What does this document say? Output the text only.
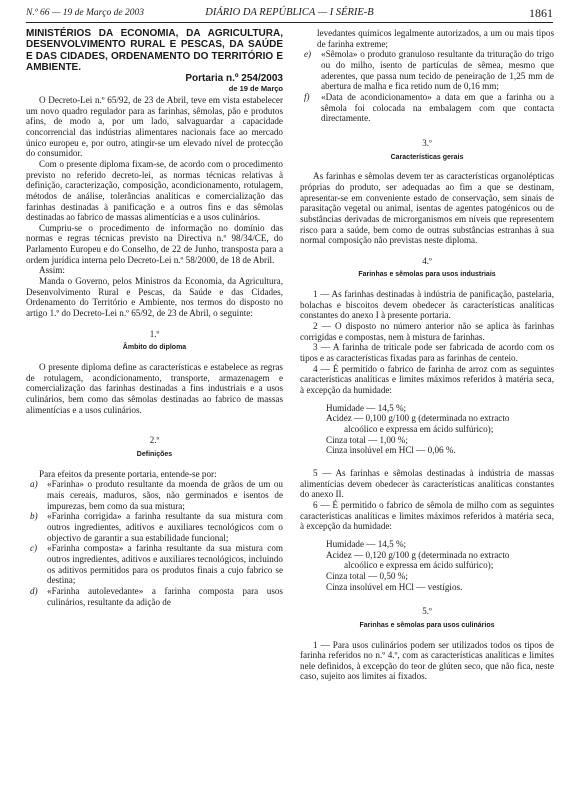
N.º 66 — 19 de Março de 2003	DIÁRIO DA REPÚBLICA — I SÉRIE-B	1861

MINISTÉRIOS DA ECONOMIA, DA AGRICULTURA, DESENVOLVIMENTO RURAL E PESCAS, DA SAÚDE E DAS CIDADES, ORDENAMENTO DO TERRITÓRIO E AMBIENTE.

Portaria n.º 254/2003

de 19 de Março

O Decreto-Lei n.º 65/92, de 23 de Abril, teve em vista estabelecer um novo quadro regulador para as farinhas, sêmolas, pão e produtos afins, de modo a, por um lado, salvaguardar a capacidade concorrencial das indústrias alimentares nacionais face ao mercado único europeu e, por outro, atingir-se um elevado nível de protecção do consumidor.

Com o presente diploma fixam-se, de acordo com o procedimento previsto no referido decreto-lei, as normas técnicas relativas à definição, caracterização, composição, acondicionamento, rotulagem, métodos de análise, tolerâncias analíticas e comercialização das farinhas destinadas à panificação e a outros fins e das sêmolas destinadas ao fabrico de massas alimentícias e a usos culinários.

Cumpriu-se o procedimento de informação no domínio das normas e regras técnicas previsto na Directiva n.º 98/34/CE, do Parlamento Europeu e do Conselho, de 22 de Junho, transposta para a ordem jurídica interna pelo Decreto-Lei n.º 58/2000, de 18 de Abril.

Assim:

Manda o Governo, pelos Ministros da Economia, da Agricultura, Desenvolvimento Rural e Pescas, da Saúde e das Cidades, Ordenamento do Território e Ambiente, nos termos do disposto no artigo 1.º do Decreto-Lei n.º 65/92, de 23 de Abril, o seguinte:

1.º
Âmbito do diploma

O presente diploma define as características e estabelece as regras de rotulagem, acondicionamento, transporte, armazenagem e comercialização das farinhas destinadas a fins industriais e a usos culinários, bem como das sêmolas destinadas ao fabrico de massas alimentícias e a usos culinários.

2.º
Definições

Para efeitos da presente portaria, entende-se por:

a)	«Farinha» o produto resultante da moenda de grãos de um ou mais cereais, maduros, sãos, não germinados e isentos de impurezas, bem como da sua mistura;
b)	«Farinha corrigida» a farinha resultante da sua mistura com outros ingredientes, aditivos e auxiliares tecnológicos com o objectivo de garantir a sua estabilidade funcional;
c)	«Farinha composta» a farinha resultante da sua mistura com outros ingredientes, aditivos e auxiliares tecnológicos, incluindo os aditivos permitidos para os produtos finais a cujo fabrico se destina;
d)	«Farinha autolevedante» a farinha composta para usos culinários, resultante da adição de

levedantes químicos legalmente autorizados, a um ou mais tipos de farinha extreme;

e)	«Sêmola» o produto granuloso resultante da trituração do trigo ou do milho, isento de partículas de sêmea, mesmo que aderentes, que passa num tecido de peneiração de 1,25 mm de abertura de malha e fica retido num de 0,16 mm;
f)	«Data de acondicionamento» a data em que a farinha ou a sêmola foi colocada na embalagem com que contacta directamente.
3.º
Características gerais

As farinhas e sêmolas devem ter as características organolépticas próprias do produto, ser adequadas ao fim a que se destinam, apresentar-se em conveniente estado de conservação, sem sinais de parasitação vegetal ou animal, isentas de agentes patogénicos ou de substâncias derivadas de microrganismos em níveis que representem risco para a saúde, bem como de outras substâncias estranhas à sua normal composição não previstas neste diploma.

4.º
Farinhas e sêmolas para usos industriais

1 — As farinhas destinadas à indústria de panificação, pastelaria, bolachas e biscoitos devem obedecer às características analíticas constantes do anexo I à presente portaria.

2 — O disposto no número anterior não se aplica às farinhas corrigidas e compostas, nem à mistura de farinhas.

3 — A farinha de triticale pode ser fabricada de acordo com os tipos e as características fixadas para as farinhas de centeio.

4 — É permitido o fabrico de farinha de arroz com as seguintes características analíticas e limites máximos referidos à matéria seca, à excepção da humidade:

Humidade — 14,5 %;

Acidez — 0,100 g/100 g (determinada no extracto

alcoólico e expressa em ácido sulfúrico);

Cinza total — 1,00 %;

Cinza insolúvel em HCl — 0,06 %.

5 — As farinhas e sêmolas destinadas à indústria de massas alimentícias devem obedecer às características analíticas constantes do anexo II.

6 — É permitido o fabrico de sêmola de milho com as seguintes características analíticas e limites máximos referidos à matéria seca, à excepção da humidade:

Humidade — 14,5 %;

Acidez — 0,120 g/100 g (determinada no extracto

alcoólico e expressa em ácido sulfúrico);

Cinza total — 0,50 %;

Cinza insolúvel em HCl — vestígios.

5.º
Farinhas e sêmolas para usos culinários

1 — Para usos culinários podem ser utilizados todos os tipos de farinha referidos no n.º 4.º, com as características analíticas e limites nele definidos, à excepção do teor de glúten seco, que não fica, neste caso, sujeito aos limites aí fixados.
